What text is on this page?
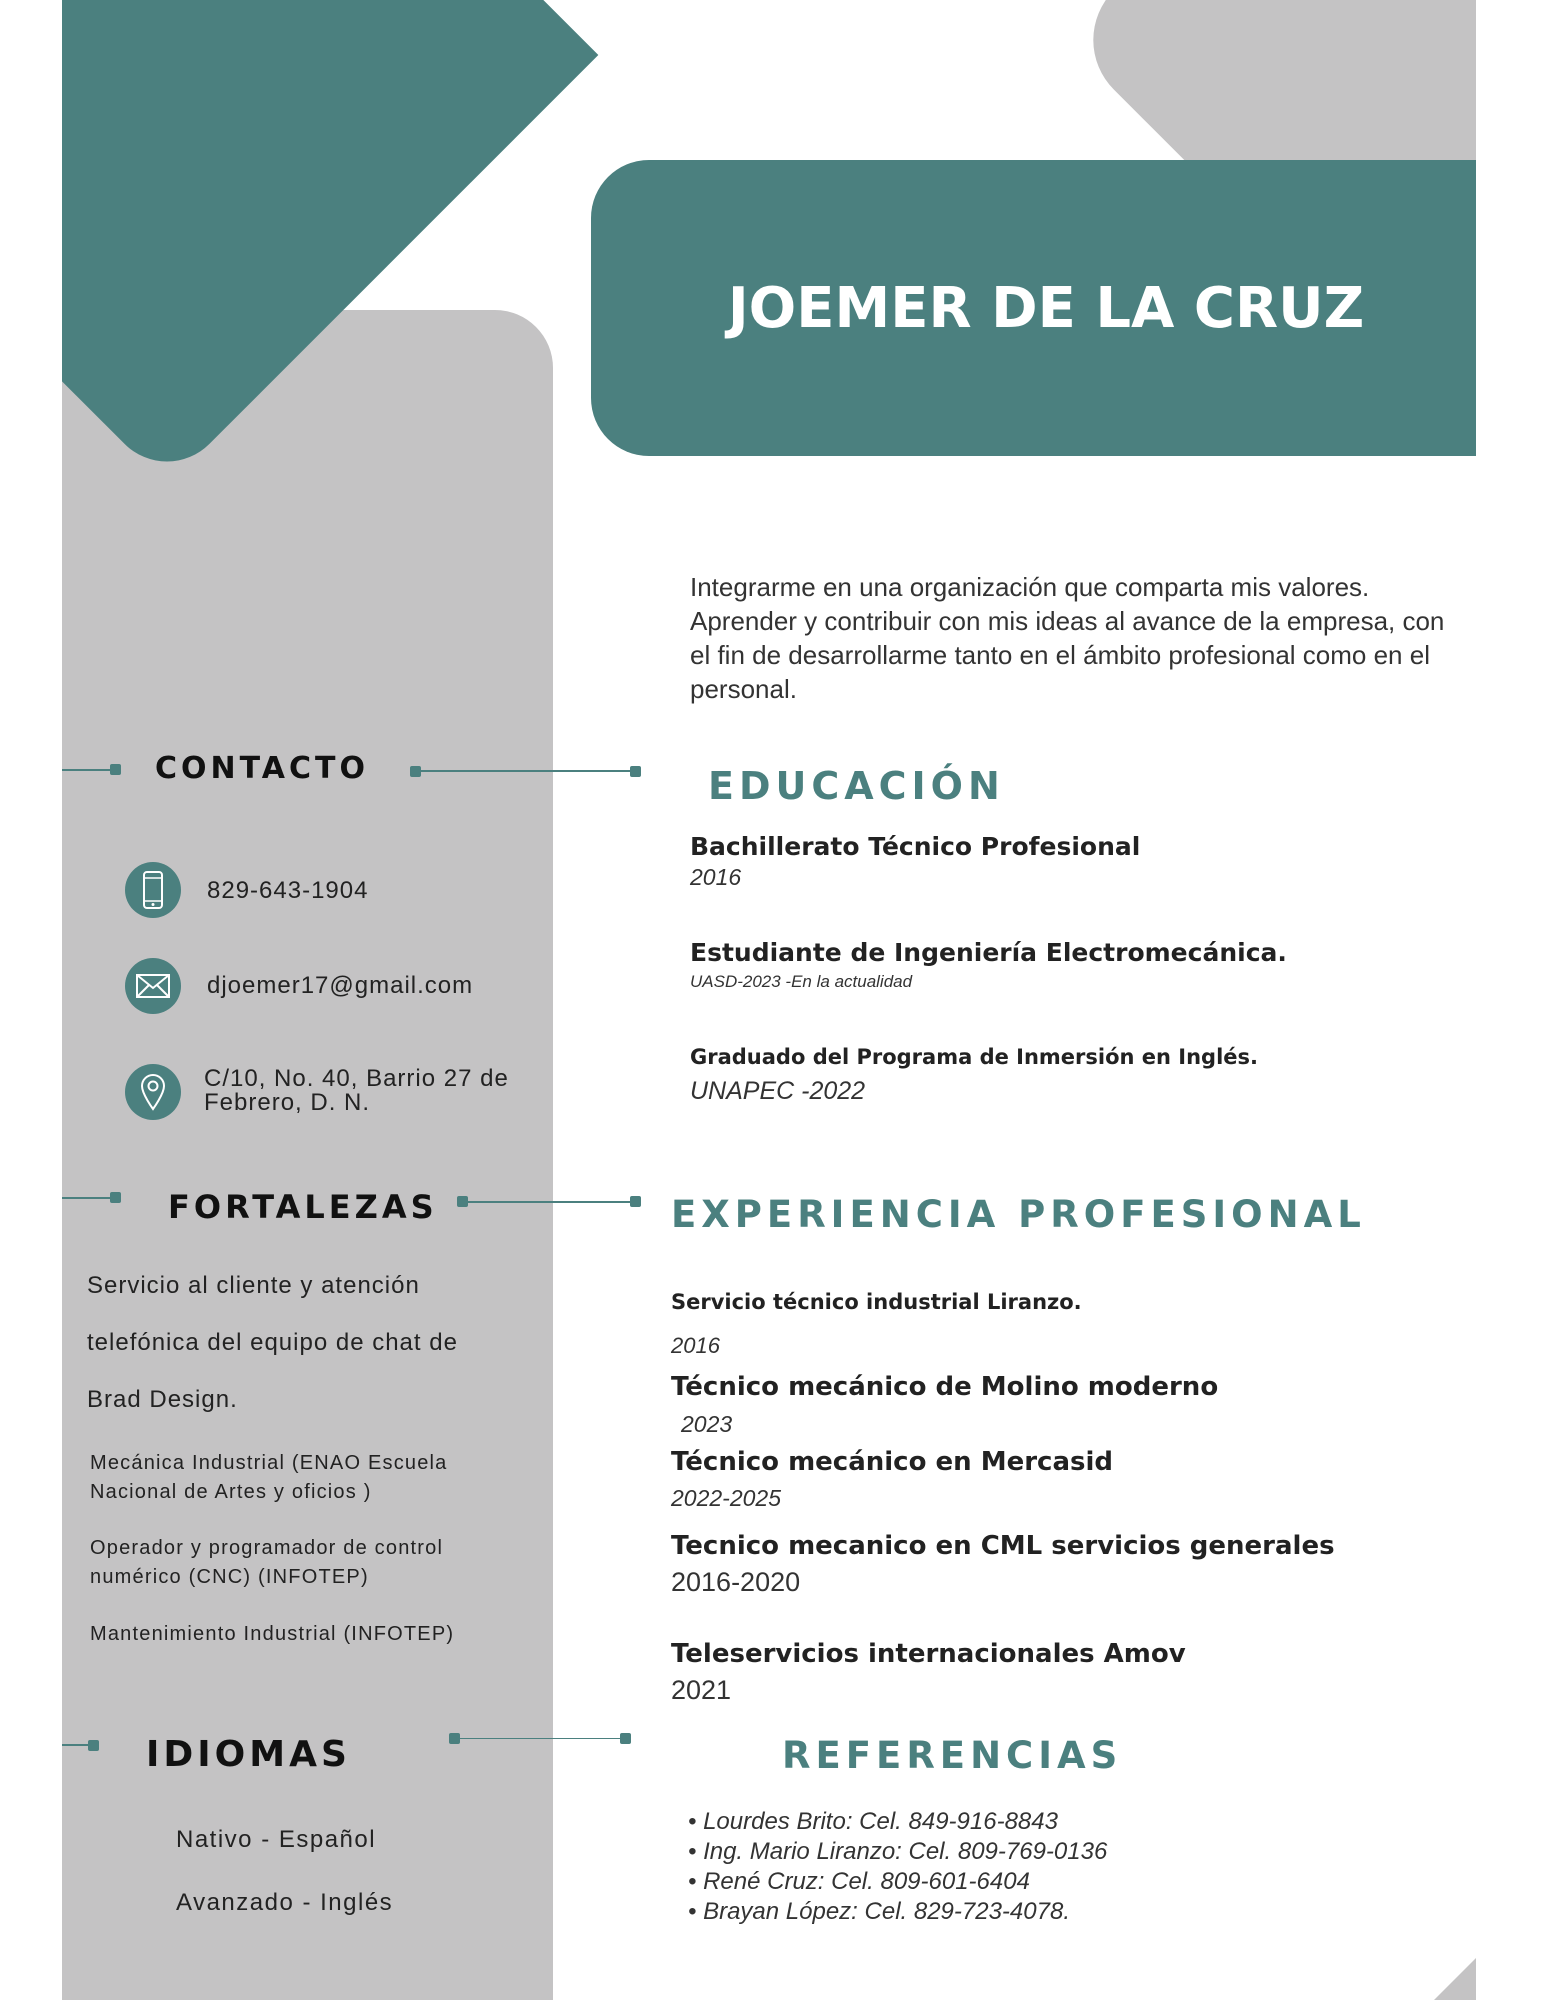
JOEMER DE LA CRUZ
Integrarme en una organización que comparta mis valores. Aprender y contribuir con mis ideas al avance de la empresa, con el fin de desarrollarme tanto en el ámbito profesional como en el personal.
CONTACTO
829-643-1904
djoemer17@gmail.com
C/10, No. 40, Barrio 27 de
Febrero, D. N.
FORTALEZAS
Servicio al cliente y atención telefónica del equipo de chat de Brad Design.
Mecánica Industrial (ENAO Escuela Nacional de Artes y oficios )
Operador y programador de control numérico (CNC) (INFOTEP)
Mantenimiento Industrial (INFOTEP)
IDIOMAS
Nativo - Español
Avanzado - Inglés
EDUCACIÓN
Bachillerato Técnico Profesional
2016
Estudiante de Ingeniería Electromecánica.
UASD-2023 -En la actualidad
Graduado del Programa de Inmersión en Inglés.
UNAPEC -2022
EXPERIENCIA PROFESIONAL
Servicio técnico industrial Liranzo.
2016
Técnico mecánico de Molino moderno
2023
Técnico mecánico en Mercasid
2022-2025
Tecnico mecanico en CML servicios generales
2016-2020
Teleservicios internacionales Amov
2021
REFERENCIAS
• Lourdes Brito: Cel. 849-916-8843
• Ing. Mario Liranzo: Cel. 809-769-0136
• René Cruz: Cel. 809-601-6404
• Brayan López: Cel. 829-723-4078.
